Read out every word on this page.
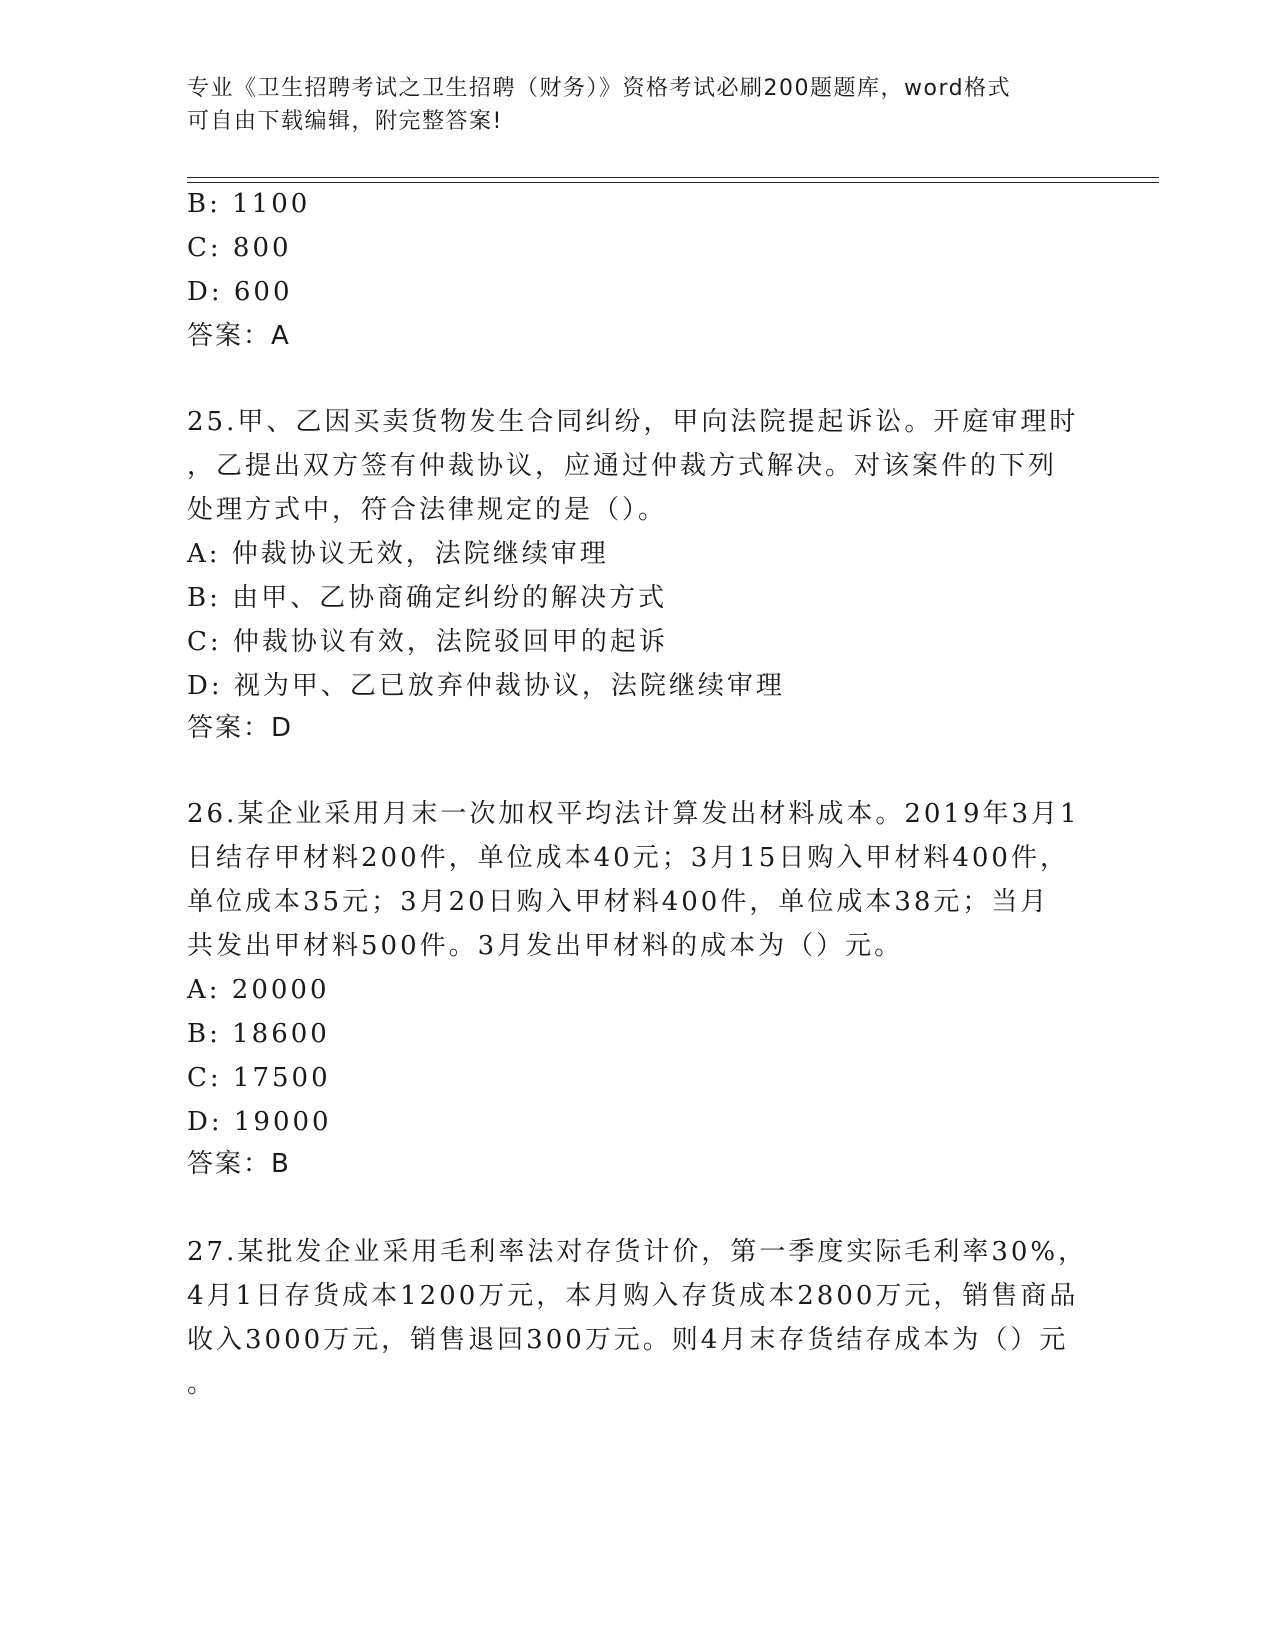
专业《卫生招聘考试之卫生招聘（财务）》资格考试必刷200题题库，word格式
可自由下载编辑，附完整答案!
B: 1100
C: 800
D: 600
答案：A
25.甲、乙因买卖货物发生合同纠纷，甲向法院提起诉讼。开庭审理时
，乙提出双方签有仲裁协议，应通过仲裁方式解决。对该案件的下列
处理方式中，符合法律规定的是（）。
A: 仲裁协议无效，法院继续审理
B: 由甲、乙协商确定纠纷的解决方式
C: 仲裁协议有效，法院驳回甲的起诉
D: 视为甲、乙已放弃仲裁协议，法院继续审理
答案：D
26.某企业采用月末一次加权平均法计算发出材料成本。2019年3月1
日结存甲材料200件，单位成本40元；3月15日购入甲材料400件，
单位成本35元；3月20日购入甲材料400件，单位成本38元；当月
共发出甲材料500件。3月发出甲材料的成本为（）元。
A: 20000
B: 18600
C: 17500
D: 19000
答案：B
27.某批发企业采用毛利率法对存货计价，第一季度实际毛利率30%，
4月1日存货成本1200万元，本月购入存货成本2800万元，销售商品
收入3000万元，销售退回300万元。则4月末存货结存成本为（）元
。
